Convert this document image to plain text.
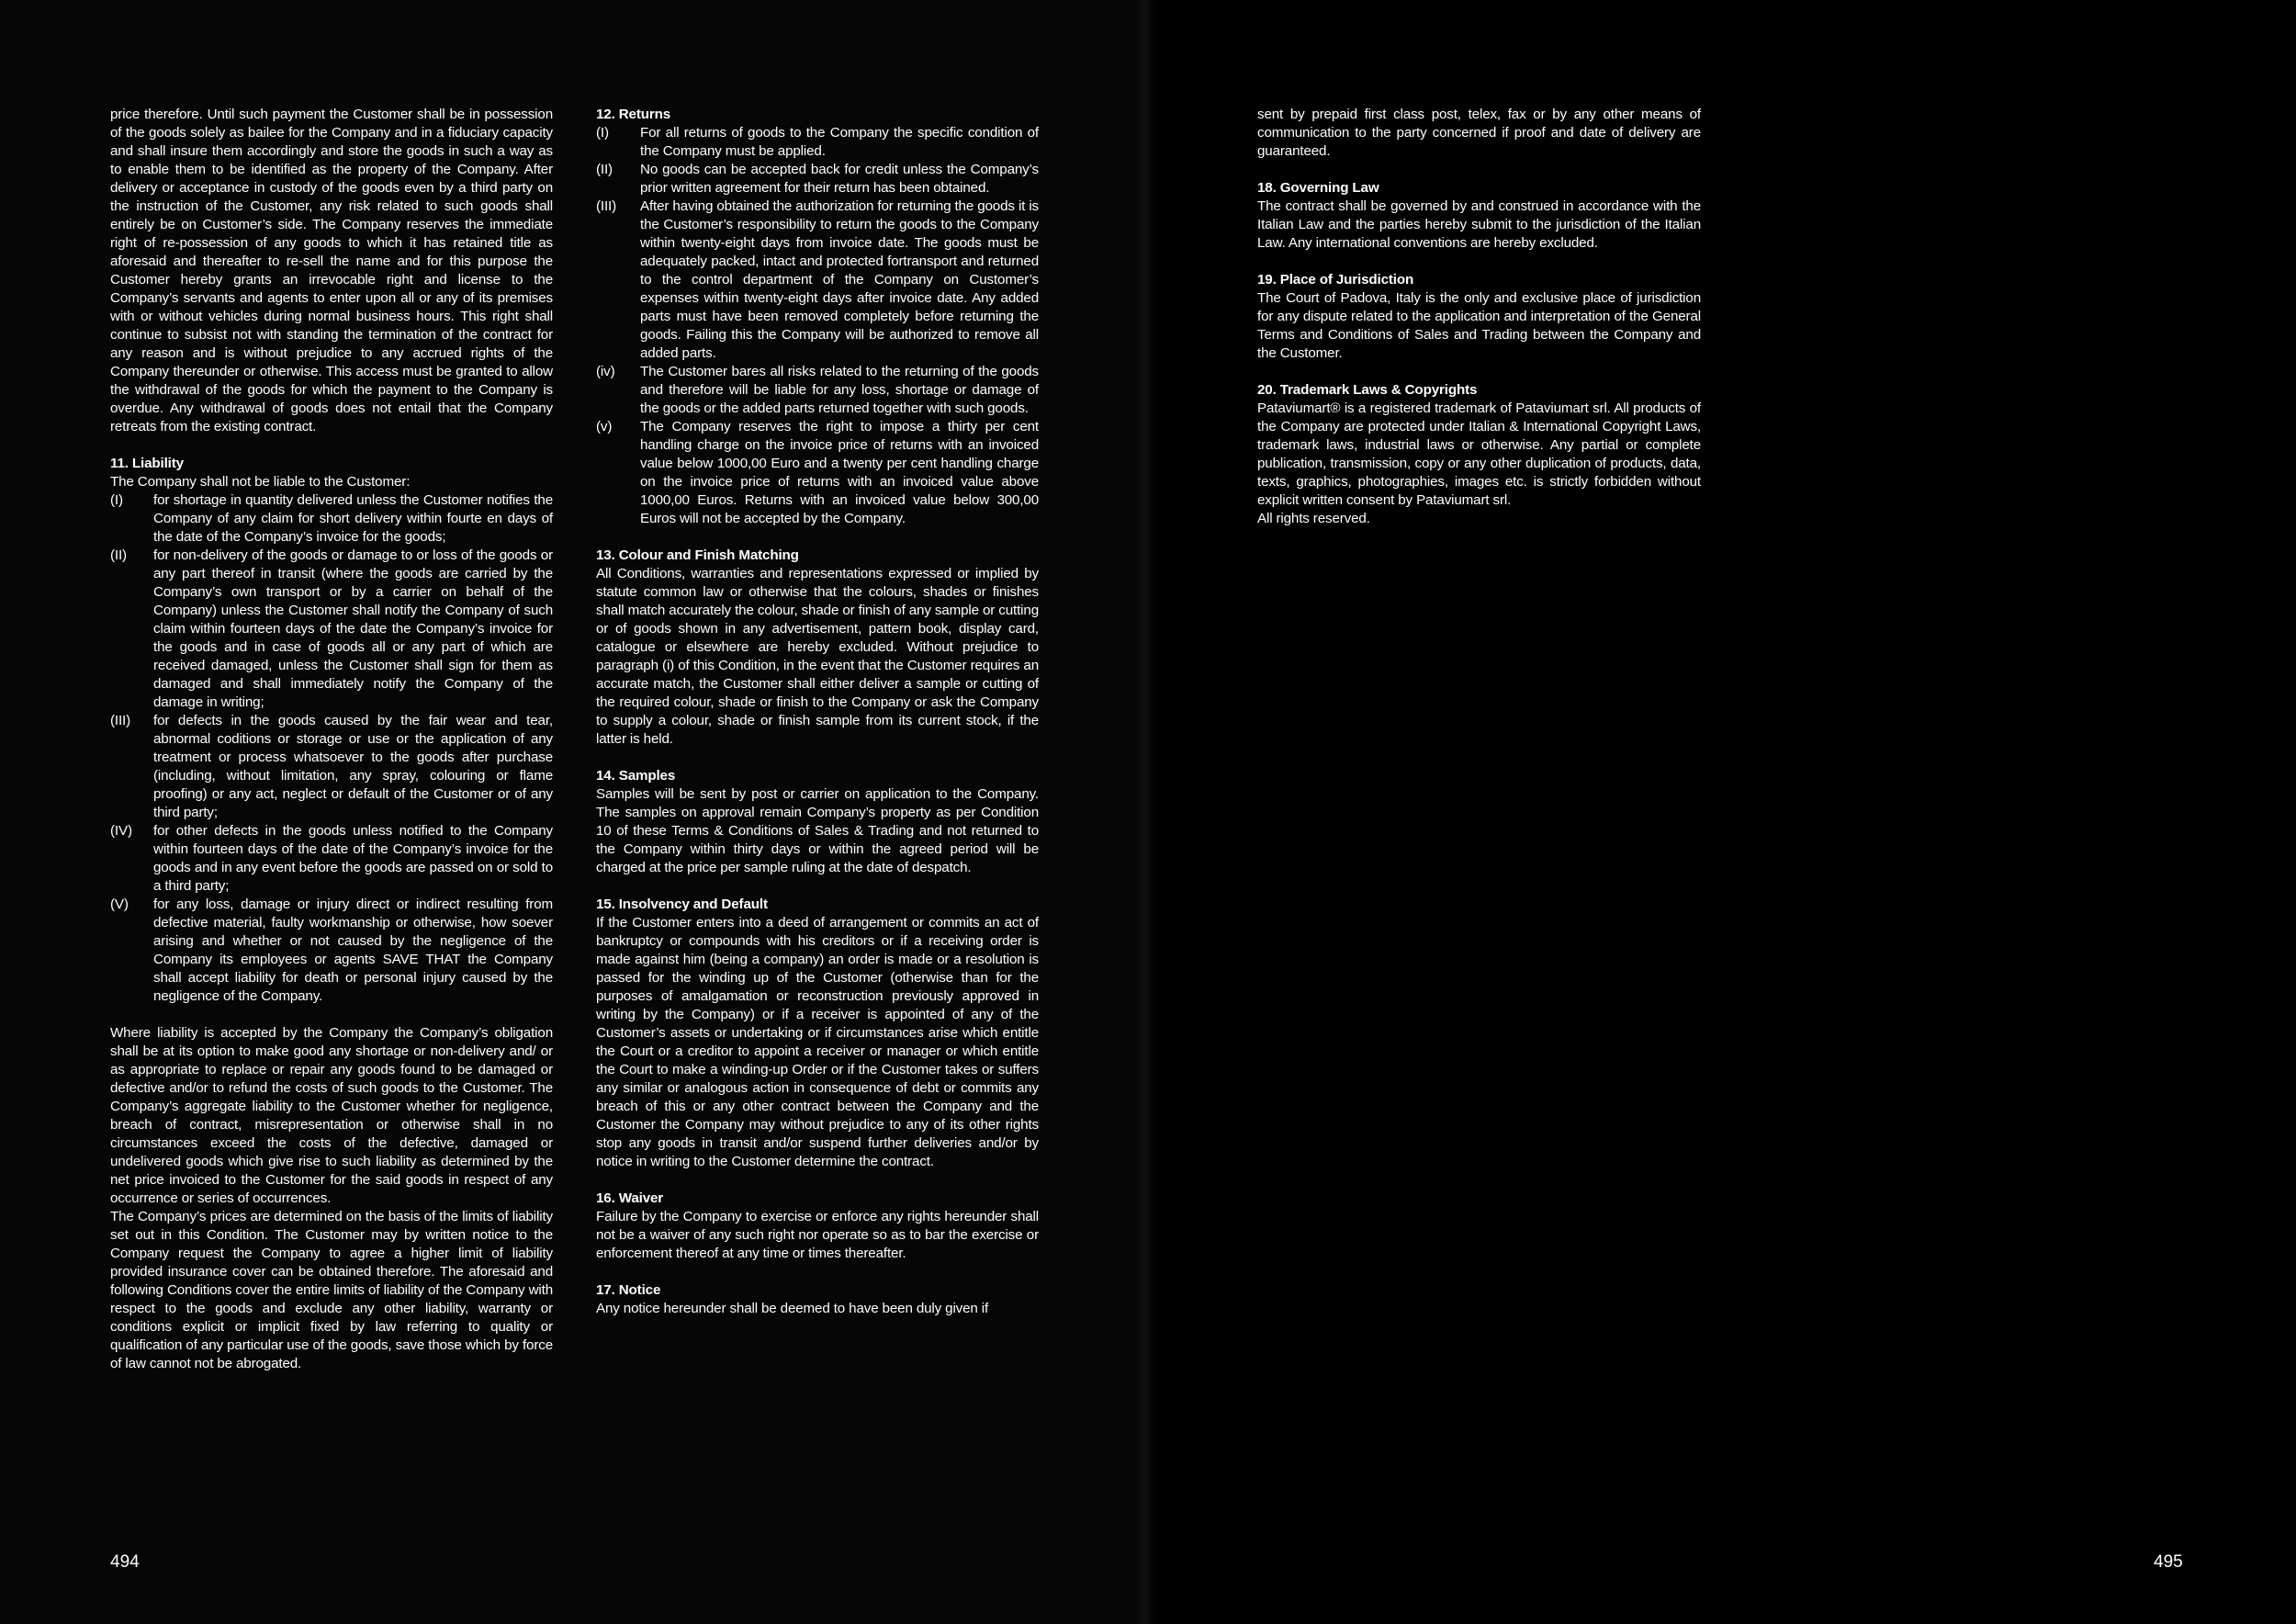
price therefore. Until such payment the Customer shall be in possession of the goods solely as bailee for the Company and in a fiduciary capacity and shall insure them accordingly and store the goods in such a way as to enable them to be identified as the property of the Company. After delivery or acceptance in custody of the goods even by a third party on the instruction of the Customer, any risk related to such goods shall entirely be on Customer’s side. The Company reserves the immediate right of re-possession of any goods to which it has retained title as aforesaid and thereafter to re-sell the name and for this purpose the Customer hereby grants an irrevocable right and license to the Company’s servants and agents to enter upon all or any of its premises with or without vehicles during normal business hours. This right shall continue to subsist not with standing the termination of the contract for any reason and is without prejudice to any accrued rights of the Company thereunder or otherwise. This access must be granted to allow the withdrawal of the goods for which the payment to the Company is overdue. Any withdrawal of goods does not entail that the Company retreats from the existing contract.

11. Liability

The Company shall not be liable to the Customer:

(I)	for shortage in quantity delivered unless the Customer notifies the Company of any claim for short delivery within fourte en days of the date of the Company’s invoice for the goods;
(II)	for non-delivery of the goods or damage to or loss of the goods or any part thereof in transit (where the goods are carried by the Company’s own transport or by a carrier on behalf of the Company) unless the Customer shall notify the Company of such claim within fourteen days of the date the Company’s invoice for the goods and in case of goods all or any part of which are received damaged, unless the Customer shall sign for them as damaged and shall immediately notify the Company of the damage in writing;
(III)	for defects in the goods caused by the fair wear and tear, abnormal coditions or storage or use or the application of any treatment or process whatsoever to the goods after purchase (including, without limitation, any spray, colouring or flame proofing) or any act, neglect or default of the Customer or of any third party;
(IV)	for other defects in the goods unless notified to the Company within fourteen days of the date of the Company’s invoice for the goods and in any event before the goods are passed on or sold to a third party;
(V)	for any loss, damage or injury direct or indirect resulting from defective material, faulty workmanship or otherwise, how soever arising and whether or not caused by the negligence of the Company its employees or agents SAVE THAT the Company shall accept liability for death or personal injury caused by the negligence of the Company.

Where liability is accepted by the Company the Company’s obligation shall be at its option to make good any shortage or non-delivery and/ or as appropriate to replace or repair any goods found to be damaged or defective and/or to refund the costs of such goods to the Customer. The Company’s aggregate liability to the Customer whether for negligence, breach of contract, misrepresentation or otherwise shall in no circumstances exceed the costs of the defective, damaged or undelivered goods which give rise to such liability as determined by the net price invoiced to the Customer for the said goods in respect of any occurrence or series of occurrences.

The Company’s prices are determined on the basis of the limits of liability set out in this Condition. The Customer may by written notice to the Company request the Company to agree a higher limit of liability provided insurance cover can be obtained therefore. The aforesaid and following Conditions cover the entire limits of liability of the Company with respect to the goods and exclude any other liability, warranty or conditions explicit or implicit fixed by law referring to quality or qualification of any particular use of the goods, save those which by force of law cannot not be abrogated.

12. Returns
(I)	For all returns of goods to the Company the specific condition of the Company must be applied.
(II)	No goods can be accepted back for credit unless the Company’s prior written agreement for their return has been obtained.
(III)	After having obtained the authorization for returning the goods it is the Customer’s responsibility to return the goods to the Company within twenty-eight days from invoice date. The goods must be adequately packed, intact and protected fortransport and returned to the control department of the Company on Customer’s expenses within twenty-eight days after invoice date. Any added parts must have been removed completely before returning the goods. Failing this the Company will be authorized to remove all added parts.
(iv)	The Customer bares all risks related to the returning of the goods and therefore will be liable for any loss, shortage or damage of the goods or the added parts returned together with such goods.
(v)	The Company reserves the right to impose a thirty per cent handling charge on the invoice price of returns with an invoiced value below 1000,00 Euro and a twenty per cent handling charge on the invoice price of returns with an invoiced value above 1000,00 Euros. Returns with an invoiced value below 300,00 Euros will not be accepted by the Company.
13. Colour and Finish Matching

All Conditions, warranties and representations expressed or implied by statute common law or otherwise that the colours, shades or finishes shall match accurately the colour, shade or finish of any sample or cutting or of goods shown in any advertisement, pattern book, display card, catalogue or elsewhere are hereby excluded. Without prejudice to paragraph (i) of this Condition, in the event that the Customer requires an accurate match, the Customer shall either deliver a sample or cutting of the required colour, shade or finish to the Company or ask the Company to supply a colour, shade or finish sample from its current stock, if the latter is held.

14. Samples

Samples will be sent by post or carrier on application to the Company. The samples on approval remain Company’s property as per Condition 10 of these Terms & Conditions of Sales & Trading and not returned to the Company within thirty days or within the agreed period will be charged at the price per sample ruling at the date of despatch.

15. Insolvency and Default

If the Customer enters into a deed of arrangement or commits an act of bankruptcy or compounds with his creditors or if a receiving order is made against him (being a company) an order is made or a resolution is passed for the winding up of the Customer (otherwise than for the purposes of amalgamation or reconstruction previously approved in writing by the Company) or if a receiver is appointed of any of the Customer’s assets or undertaking or if circumstances arise which entitle the Court or a creditor to appoint a receiver or manager or which entitle the Court to make a winding-up Order or if the Customer takes or suffers any similar or analogous action in consequence of debt or commits any breach of this or any other contract between the Company and the Customer the Company may without prejudice to any of its other rights stop any goods in transit and/or suspend further deliveries and/or by notice in writing to the Customer determine the contract.

16. Waiver

Failure by the Company to exercise or enforce any rights hereunder shall not be a waiver of any such right nor operate so as to bar the exercise or enforcement thereof at any time or times thereafter.

17. Notice

Any notice hereunder shall be deemed to have been duly given if

sent by prepaid first class post, telex, fax or by any other means of communication to the party concerned if proof and date of delivery are guaranteed.

18. Governing Law

The contract shall be governed by and construed in accordance with the Italian Law and the parties hereby submit to the jurisdiction of the Italian Law. Any international conventions are hereby excluded.

19. Place of Jurisdiction

The Court of Padova, Italy is the only and exclusive place of jurisdiction for any dispute related to the application and interpretation of the General Terms and Conditions of Sales and Trading between the Company and the Customer.

20. Trademark Laws & Copyrights

Pataviumart® is a registered trademark of Pataviumart srl. All products of the Company are protected under Italian & International Copyright Laws, trademark laws, industrial laws or otherwise. Any partial or complete publication, transmission, copy or any other duplication of products, data, texts, graphics, photographies, images etc. is strictly forbidden without explicit written consent by Pataviumart srl.

All rights reserved.

494	495
